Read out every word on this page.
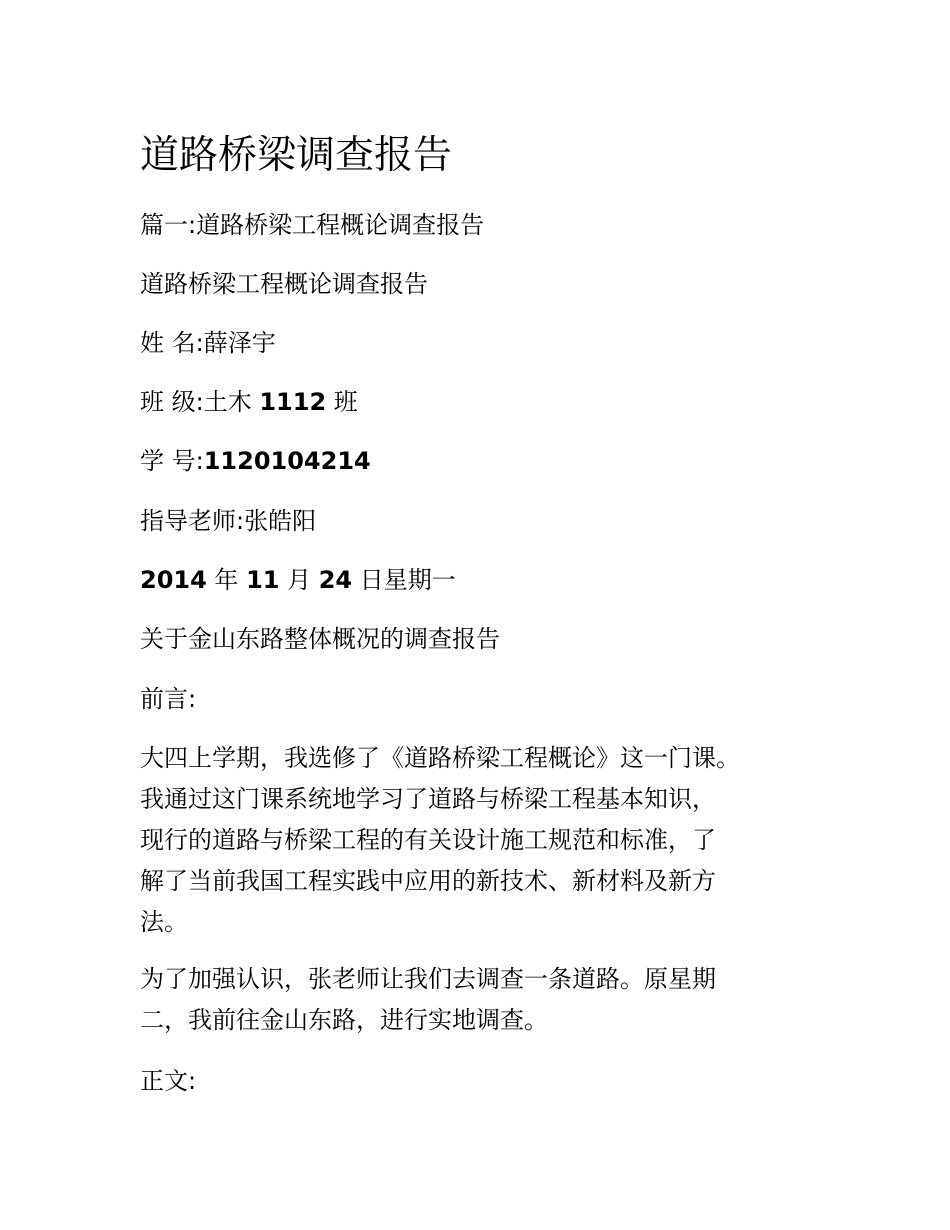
道路桥梁调查报告
篇一:道路桥梁工程概论调查报告
道路桥梁工程概论调查报告
姓 名:薛泽宇
班 级:土木 1112 班
学 号:1120104214
指导老师:张皓阳
2014 年 11 月 24 日星期一
关于金山东路整体概况的调查报告
前言:
大四上学期，我选修了《道路桥梁工程概论》这一门课。
我通过这门课系统地学习了道路与桥梁工程基本知识，
现行的道路与桥梁工程的有关设计施工规范和标准，了
解了当前我国工程实践中应用的新技术、新材料及新方
法。
为了加强认识，张老师让我们去调查一条道路。原星期
二，我前往金山东路，进行实地调查。
正文:
